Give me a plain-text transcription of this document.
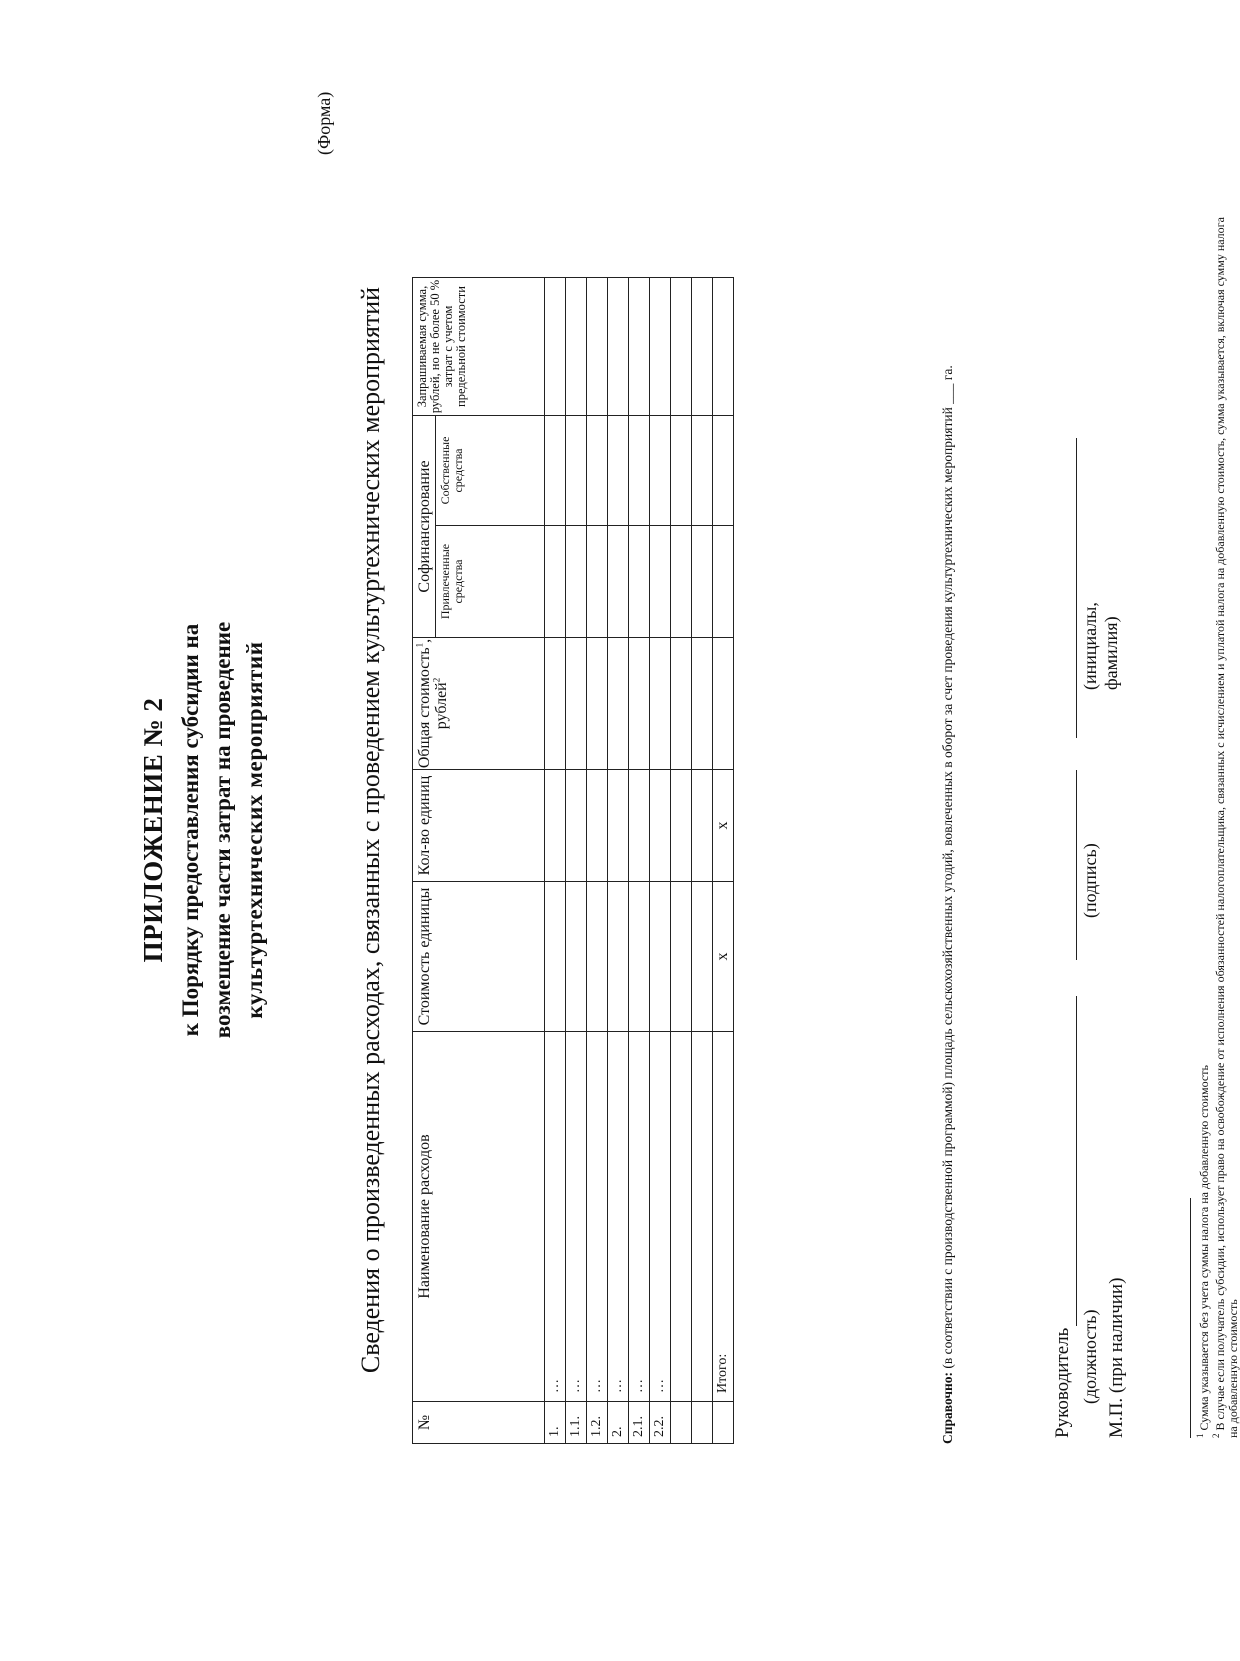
ПРИЛОЖЕНИЕ № 2 к Порядку предоставления субсидии на возмещение части затрат на проведение культуртехнических мероприятий
(Форма)
Сведения о произведенных расходах, связанных с проведением культуртехнических мероприятий
№	Наименование расходов	Стоимость единицы	Кол-во единиц	Общая стоимость$^1$, рублей$^2$	Софинансирование		Запрашиваемая сумма, рублей, но не более 50 % затрат с учетом предельной стоимости
					Привлеченные средства	Собственные средства	
1.	…						
1.1.	…						
1.2.	…						
2.	…						
2.1.	…						
2.2.	…						

	Итого:	х	х				
Справочно: (в соответствии с производственной программой) площадь сельскохозяйственных угодий, вовлеченных в оборот за счет проведения культуртехнических мероприятий ___ га.
Руководитель (должность)
(подпись)
(инициалы, фамилия)
М.П. (при наличии)	$^1$ Сумма указывается без учета суммы налога на добавленную стоимость
$^2$ В случае если получатель субсидии, использует право на освобождение от исполнения обязанностей налогоплательщика, связанных с исчислением и уплатой налога на добавленную стоимость, сумма указывается, включая сумму налога на добавленную стоимость
